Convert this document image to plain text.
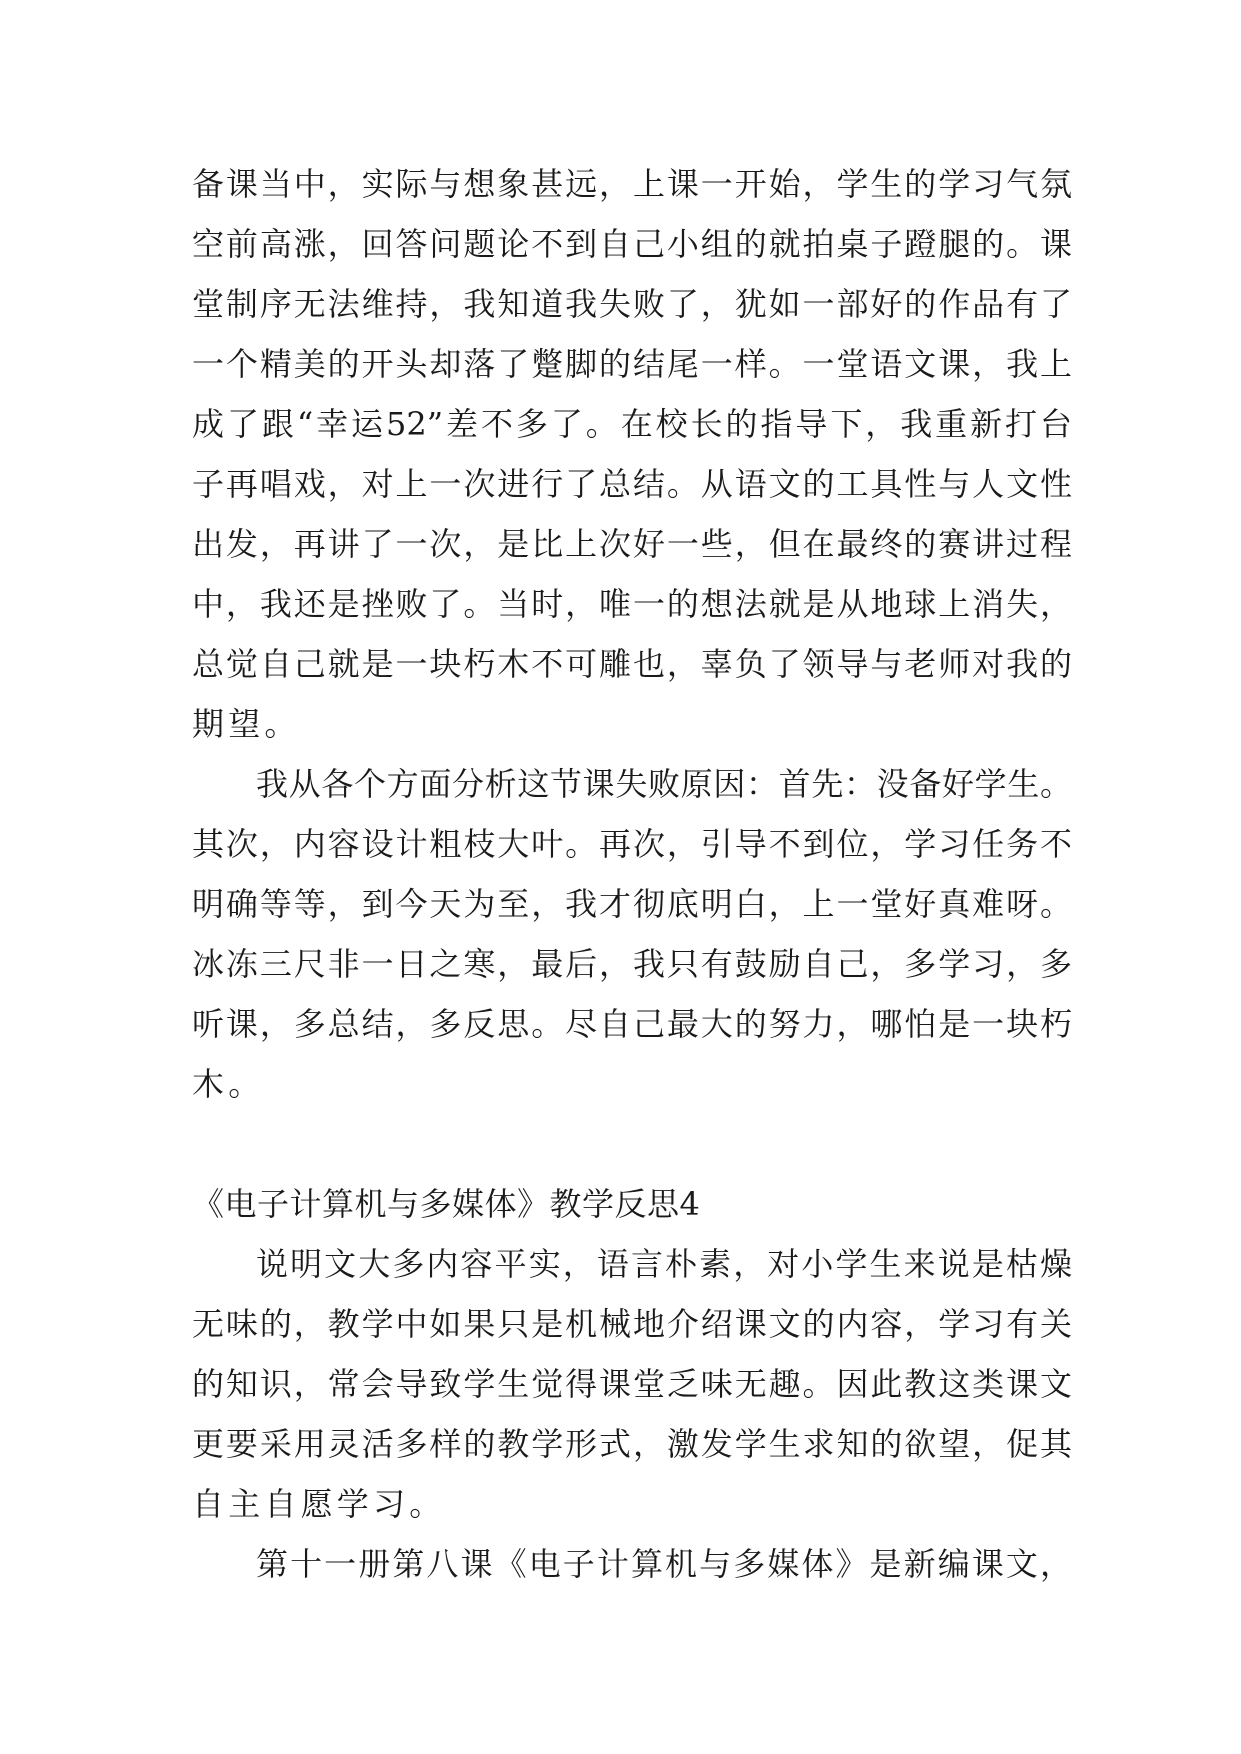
备课当中，实际与想象甚远，上课一开始，学生的学习气氛
空前高涨，回答问题论不到自己小组的就拍桌子蹬腿的。课
堂制序无法维持，我知道我失败了，犹如一部好的作品有了
一个精美的开头却落了蹩脚的结尾一样。一堂语文课，我上
成了跟“幸运52”差不多了。在校长的指导下，我重新打台
子再唱戏，对上一次进行了总结。从语文的工具性与人文性
出发，再讲了一次，是比上次好一些，但在最终的赛讲过程
中，我还是挫败了。当时，唯一的想法就是从地球上消失，
总觉自己就是一块朽木不可雕也，辜负了领导与老师对我的
期望。
我从各个方面分析这节课失败原因：首先：没备好学生。
其次，内容设计粗枝大叶。再次，引导不到位，学习任务不
明确等等，到今天为至，我才彻底明白，上一堂好真难呀。
冰冻三尺非一日之寒，最后，我只有鼓励自己，多学习，多
听课，多总结，多反思。尽自己最大的努力，哪怕是一块朽
木。
《电子计算机与多媒体》教学反思4
说明文大多内容平实，语言朴素，对小学生来说是枯燥
无味的，教学中如果只是机械地介绍课文的内容，学习有关
的知识，常会导致学生觉得课堂乏味无趣。因此教这类课文
更要采用灵活多样的教学形式，激发学生求知的欲望，促其
自主自愿学习。
第十一册第八课《电子计算机与多媒体》是新编课文，
